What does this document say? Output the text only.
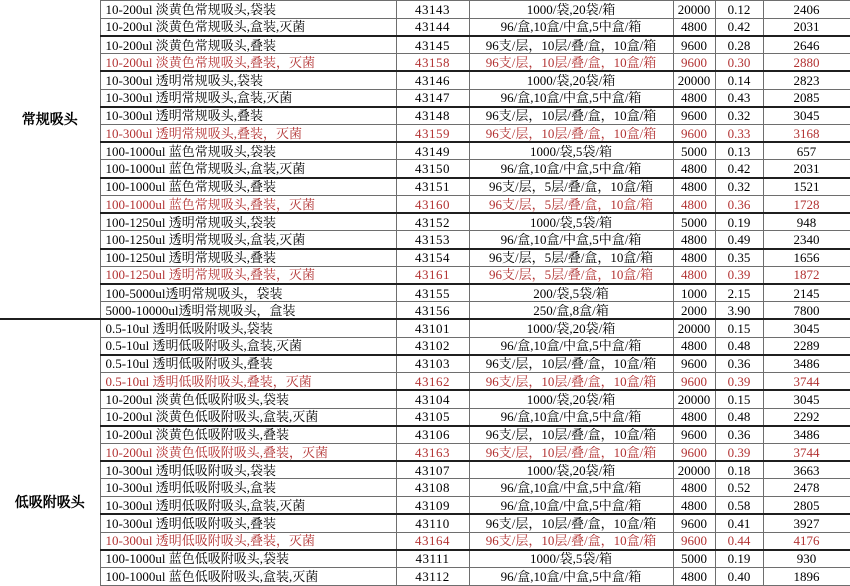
常规吸头	10-200ul 淡黄色常规吸头,袋装	43143	1000/袋,20袋/箱	20000	0.12	2406
	10-200ul 淡黄色常规吸头,盒装,灭菌	43144	96/盒,10盒/中盒,5中盒/箱	4800	0.42	2031
	10-200ul 淡黄色常规吸头,叠装	43145	96支/层，10层/叠/盒，10盒/箱	9600	0.28	2646
	10-200ul 淡黄色常规吸头,叠装，灭菌	43158	96支/层，10层/叠/盒，10盒/箱	9600	0.30	2880
	10-300ul 透明常规吸头,袋装	43146	1000/袋,20袋/箱	20000	0.14	2823
	10-300ul 透明常规吸头,盒装,灭菌	43147	96/盒,10盒/中盒,5中盒/箱	4800	0.43	2085
	10-300ul 透明常规吸头,叠装	43148	96支/层，10层/叠/盒，10盒/箱	9600	0.32	3045
	10-300ul 透明常规吸头,叠装，灭菌	43159	96支/层，10层/叠/盒，10盒/箱	9600	0.33	3168
	100-1000ul 蓝色常规吸头,袋装	43149	1000/袋,5袋/箱	5000	0.13	657
	100-1000ul 蓝色常规吸头,盒装,灭菌	43150	96/盒,10盒/中盒,5中盒/箱	4800	0.42	2031
	100-1000ul 蓝色常规吸头,叠装	43151	96支/层，5层/叠/盒，10盒/箱	4800	0.32	1521
	100-1000ul 蓝色常规吸头,叠装，灭菌	43160	96支/层，5层/叠/盒，10盒/箱	4800	0.36	1728
	100-1250ul 透明常规吸头,袋装	43152	1000/袋,5袋/箱	5000	0.19	948
	100-1250ul 透明常规吸头,盒装,灭菌	43153	96/盒,10盒/中盒,5中盒/箱	4800	0.49	2340
	100-1250ul 透明常规吸头,叠装	43154	96支/层，5层/叠/盒，10盒/箱	4800	0.35	1656
	100-1250ul 透明常规吸头,叠装，灭菌	43161	96支/层，5层/叠/盒，10盒/箱	4800	0.39	1872
	100-5000ul透明常规吸头，袋装	43155	200/袋,5袋/箱	1000	2.15	2145
	5000-10000ul透明常规吸头，盒装	43156	250/盒,8盒/箱	2000	3.90	7800

低吸附吸头	0.5-10ul 透明低吸附吸头,袋装	43101	1000/袋,20袋/箱	20000	0.15	3045
	0.5-10ul 透明低吸附吸头,盒装,灭菌	43102	96/盒,10盒/中盒,5中盒/箱	4800	0.48	2289
	0.5-10ul 透明低吸附吸头,叠装	43103	96支/层，10层/叠/盒，10盒/箱	9600	0.36	3486
	0.5-10ul 透明低吸附吸头,叠装，灭菌	43162	96支/层，10层/叠/盒，10盒/箱	9600	0.39	3744
	10-200ul 淡黄色低吸附吸头,袋装	43104	1000/袋,20袋/箱	20000	0.15	3045
	10-200ul 淡黄色低吸附吸头,盒装,灭菌	43105	96/盒,10盒/中盒,5中盒/箱	4800	0.48	2292
	10-200ul 淡黄色低吸附吸头,叠装	43106	96支/层，10层/叠/盒，10盒/箱	9600	0.36	3486
	10-200ul 淡黄色低吸附吸头,叠装，灭菌	43163	96支/层，10层/叠/盒，10盒/箱	9600	0.39	3744
	10-300ul 透明低吸附吸头,袋装	43107	1000/袋,20袋/箱	20000	0.18	3663
	10-300ul 透明低吸附吸头,盒装	43108	96/盒,10盒/中盒,5中盒/箱	4800	0.52	2478
	10-300ul 透明低吸附吸头,盒装,灭菌	43109	96/盒,10盒/中盒,5中盒/箱	4800	0.58	2805
	10-300ul 透明低吸附吸头,叠装	43110	96支/层，10层/叠/盒，10盒/箱	9600	0.41	3927
	10-300ul 透明低吸附吸头,叠装，灭菌	43164	96支/层，10层/叠/盒，10盒/箱	9600	0.44	4176
	100-1000ul 蓝色低吸附吸头,袋装	43111	1000/袋,5袋/箱	5000	0.19	930
	100-1000ul 蓝色低吸附吸头,盒装,灭菌	43112	96/盒,10盒/中盒,5中盒/箱	4800	0.40	1896
